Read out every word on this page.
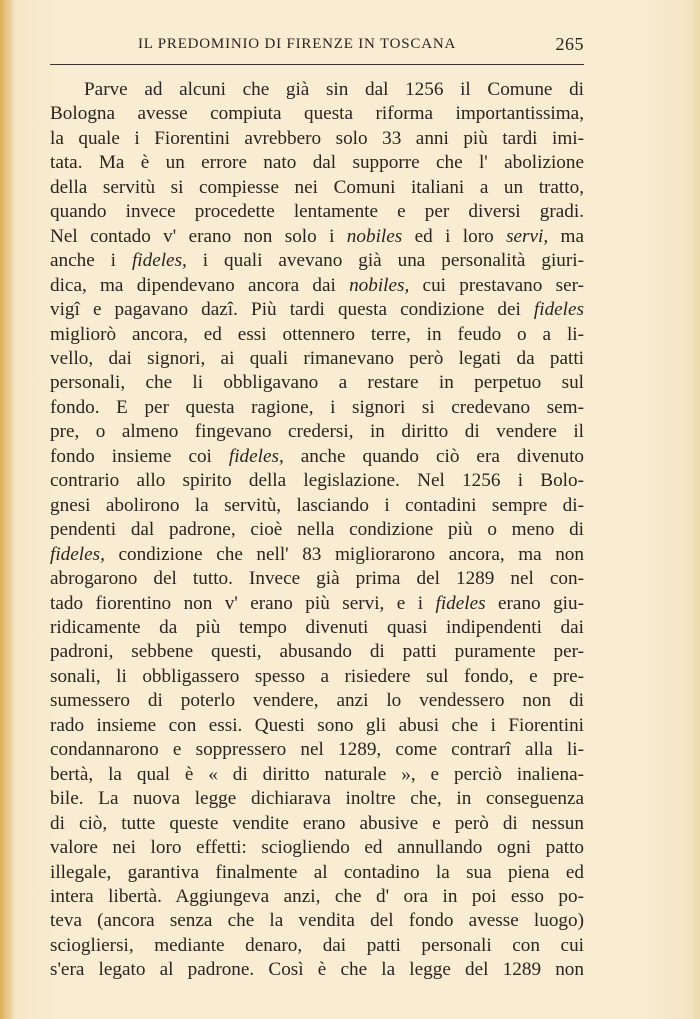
IL PREDOMINIO DI FIRENZE IN TOSCANA	265
Parve ad alcuni che già sin dal 1256 il Comune di
Bologna avesse compiuta questa riforma importantissima,
la quale i Fiorentini avrebbero solo 33 anni più tardi imi-
tata. Ma è un errore nato dal supporre che l' abolizione
della servitù si compiesse nei Comuni italiani a un tratto,
quando invece procedette lentamente e per diversi gradi.
Nel contado v' erano non solo i nobiles ed i loro servi, ma
anche i fideles, i quali avevano già una personalità giuri-
dica, ma dipendevano ancora dai nobiles, cui prestavano ser-
vigî e pagavano dazî. Più tardi questa condizione dei fideles
migliorò ancora, ed essi ottennero terre, in feudo o a li-
vello, dai signori, ai quali rimanevano però legati da patti
personali, che li obbligavano a restare in perpetuo sul
fondo. E per questa ragione, i signori si credevano sem-
pre, o almeno fingevano credersi, in diritto di vendere il
fondo insieme coi fideles, anche quando ciò era divenuto
contrario allo spirito della legislazione. Nel 1256 i Bolo-
gnesi abolirono la servitù, lasciando i contadini sempre di-
pendenti dal padrone, cioè nella condizione più o meno di
fideles, condizione che nell' 83 migliorarono ancora, ma non
abrogarono del tutto. Invece già prima del 1289 nel con-
tado fiorentino non v' erano più servi, e i fideles erano giu-
ridicamente da più tempo divenuti quasi indipendenti dai
padroni, sebbene questi, abusando di patti puramente per-
sonali, li obbligassero spesso a risiedere sul fondo, e pre-
sumessero di poterlo vendere, anzi lo vendessero non di
rado insieme con essi. Questi sono gli abusi che i Fiorentini
condannarono e soppressero nel 1289, come contrarî alla li-
bertà, la qual è « di diritto naturale », e perciò inaliena-
bile. La nuova legge dichiarava inoltre che, in conseguenza
di ciò, tutte queste vendite erano abusive e però di nessun
valore nei loro effetti: sciogliendo ed annullando ogni patto
illegale, garantiva finalmente al contadino la sua piena ed
intera libertà. Aggiungeva anzi, che d' ora in poi esso po-
teva (ancora senza che la vendita del fondo avesse luogo)
sciogliersi, mediante denaro, dai patti personali con cui
s'era legato al padrone. Così è che la legge del 1289 non
